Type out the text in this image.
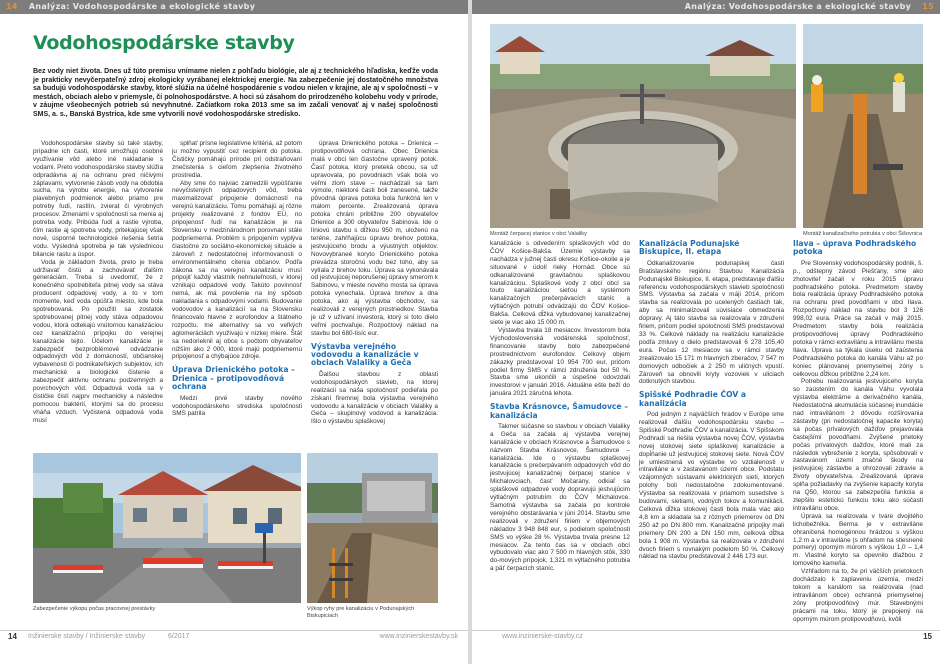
14 Analýza: Vodohospodárske a ekologické stavby
Vodohospodárske stavby

Bez vody niet života. Dnes už túto premisu vnímame nielen z pohľadu biológie, ale aj z technického hľadiska, keďže voda je prakticky nevyčerpateľný zdroj ekologicky vyrábanej elektrickej energie. Na zabezpečenie jej dostatočného množstva sa budujú vodohospodárske stavby, ktoré slúžia na účelné hospodárenie s vodou nielen v krajine, ale aj v spoločnosti – v mestách, obciach alebo v priemysle, či polnohospodárstve. A hoci sú zásahom do prirodzeného kolobehu vody v prírode, v záujme všeobecných potrieb sú nevyhnutné. Začiatkom roka 2013 sme sa im začali venovať aj v našej spoločnosti SMS, a. s., Banská Bystrica, kde sme vytvorili nové vodohospodárske stredisko.

Vodohospodárske stavby sú také stavby, prípadne ich časti, ktoré umožňujú osobné využívanie vôd alebo iné nakladanie s vodami. Preto vodohospodárske stavby slúžia odpradávna aj na ochranu pred ničivými záplavami, vytvorenie zásob vody na obdobia sucha, na výrobu energie, na vytvorenie plavebných podmienok alebo priamo pre potreby ľudí, rastlín, zvierat či výrobných procesov. Zmenami v spoločnosti sa menia aj potreba vody. Pribúda ľudí a rastie výroba, čím rastie aj spotreba vody, pritekajúcej však nové, úsporné technologické riešenia šetria vodu. Výsledná spotreba je tak výslednicou bilancie rastu a úspor.

Voda je základom života, preto je treba udržiavať čistú a zachovávať ďalším generáciám. Treba si uvedomiť, že z konečného spotrebiteľa pitnej vody sa stáva producent odpadovej vody, a to v tom momente, keď voda opúšťa miesto, kde bola spotrebovaná. Po použití sa zostatok spotrebovanej pitnej vody stáva odpadovou vodou, ktorá odtekajú vnútornou kanalizáciou cez kanalizačnú prípojku do verejnej kanalizácie tejto. Účelom kanalizácie je zabezpečiť bezproblémové odvádzanie odpadových vôd z domácností, občianskej vybavenosti či podnikateľských subjektov, ich mechanické a biologické čistenie a zabezpečiť aktívnu ochranu podzemných a povrchových vôd. Odpadová voda sa v čističke čistí najprv mechanicky a následne pomocou baktérií, ktorými sa do procesu vháňa vzduch. Vyčistená odpadová voda musí

spĺňať prísne legislatívne kritériá, až potom ju možno vypustiť cez recipient do potoka. Čističky pomáhajú prírode pri odstraňovaní znečistenia s cieľom zlepšenia životného prostredia.

Aby sme čo najviac zamedzili vypúšťanie nevyčistených odpadových vôd, treba maximalizovať pripojenie domácností na verejnú kanalizáciu. Tomu pomáhajú aj rôzne projekty realizované z fondov EÚ, no pripojenosť ľudí na kanalizácie je na Slovensku v medzinárodnom porovnaní stále podpriemerná. Problém s pripojením vyplýva čiastočne zo sociálno-ekonomickej situácie a zároveň z nedostatočnej informovanosti o environmentálneho cítenia občanov. Podľa zákona sa na verejnú kanalizáciu musí pripojiť každý vlastník nehnuteľnosti, v ktorej vznikajú odpadové vody. Takúto povinnosť nemá, ak má povolenie na iný spôsob nakladania s odpadovými vodami. Budovanie vodovodov a kanalizácií sa na Slovensku financovalo hlavne z eurofondov a štátneho rozpočtu. Iné alternatívy sa vo veľkých aglomeráciách využívajú v nízkej miere. Štát sa nedorieknil aj obce s počtom obyvateľov nižším ako 2 000, ktoré majú podpriemernú pripojenosť a chýbajúce zdroje.

Úprava Drienického potoka – Drienica – protipovodňová ochrana

Medzi prvé stavby nového vodohospodárskeho strediska spoločnosti SMS patrila

úprava Drienického potoka – Drienica – protipovodňová ochrana. Obec Drienica malá v obci len čiastočne upravený potok. Časť potoka, ktorý preteká obcou, sa už upravovala, po povodniach však bola vo veľmi zlom stave – nachádzali sa tam výmole, niektoré časti boli zanesené, takže pôvodná úprava potoka bola funkčná len v malom percente. Zrealizovaná úprava potoka chráni približne 200 obyvateľov Drienice a 300 obyvateľov Sabinova. Ide o líniovú stavbu s dĺžkou 950 m, uloženú na teréne, zahŕňajúcu úpravu brehov potoka, jestvujúceho brodu a výustných objektov. Novovybraneé koryto Drienického potoka prevádza storočnú vodu bez toho, aby sa vylíala z brehov toku. Úprava sa vykonávala od jestvujúcej neporušenej úpravy smerom k Sabinovu, v mieste nového mosta sa úprava potoka vynechala. Úprava brehov a dna potoka, ako aj výstavba obchodov, sa realizovali z verejných prostriedkov. Stavba je už v užívaní investora, ktorý si toto dielo veľmi pochvaľuje. Rozpočtový náklad na stavbu bol 680-tisíc eur.

Výstavba verejného vodovodu a kanalizácie v obciach Valaliky a Geča

Ďalšou stavbou z oblasti vodohospodárskych stavieb, na ktorej realizácii sa naša spoločnosť podieľala po získaní firemnej bola výstavba verejného vodovodu a kanalizácie v obciach Valaliky a Geča – skupinový vodovod a kanalizácia. Išlo o výstavbu splaškovej

Zabezpečenie výkopu počas pracovnej prestávky	Výkop ryhy pre kanalizáciu v Podunajských Biskupiciach
14 Inžinierske stavby / Inžinierske stavby	6/2017	www.inzinierskestavby.sk
Analýza: Vodohospodárske a ekologické stavby 15
Montáž čerpacej stanice v obci Valaliky	Montáž kanalizačného potrubia v obci Šišovnica

kanalizácie s odvedením splaškových vôd do ČOV Košice-Bakša. Územie výstavby sa nachádza v južnej časti okresu Košice-okolie a je situované v údolí rieky Hornád. Obce sú odkanalizované gravitačnou splaškovou kanalizáciou. Splaškové vody z obcí obcí sa touto kanalizáciou sieťou a systémom kanalizačných prečerpávacích staníc a výtlačných potrubí odvádzajú do ČOV Košice-Bakša. Celková dĺžka vybudovanej kanalizačnej siete je viac ako 15 000 m.

Výstavba trvala 18 mesiacov. Investorom bola Východoslovenská vodárenská spoločnosť, financovanie stavby bolo zabezpečené prostredníctvom eurofondov. Celkový objem zákazky predstavoval 10 954 700 eur, pričom podiel firmy SMS v rámci združenia bol 50 %. Stavba sme ukončili a úspešne odovzdali investorovi v januári 2016. Aktuálne ešte beží do januára 2021 záručná lehota.

Stavba Krásnovce, Šamudovce – kanalizácia

Takmer súčasne so stavbou v obciach Valaliky a Geča sa začala aj výstavba verejnej kanalizácie v obciach Krásnovce a Šamudovce s názvom Stavba Krásnovce, Šamudovce – kanalizácia. Ide o výstavbu splaškovej kanalizácie s prečerpávaním odpadových vôd do jestvujúcej kanalizačnej čerpacej stanice v Michalovciach, časť Močarany, odkiaľ sa splaškové odpadové vody dopravujú jestvujúcim výtlačným potrubím do ČOV Michalovce. Samotná výstavba sa začala po kontrole verejného obstarávania v júni 2014. Stavbu sme realizovali v združení firiem v objemových nákladov 3 948 848 eur, s podielom spoločnosti SMS vo výške 28 %. Výstavba trvala presne 12 mesiacov. Za tento čas sa v obciach obcí vybudovalo viac ako 7 500 m hlavných stôk, 330 do-mových prípojok, 1,321 m výtlačného potrubia a päť čerpacích staníc.

Kanalizácia Podunajské Biskupice, II. etapa

Odkanalizovanie podunajskej časti Bratislavského regiónu Stavbou Kanalizácia Podunajské Biskupice, II. etapa, predstavuje ďalšiu referenciu vodohospodárskych stavieb spoločnosti SMS. Výstavba sa začala v máji 2014, pričom stavba sa realizovala po ucelených častiach tak, aby sa minimalizovali súvisiace obmedzenia dopravy. Aj táto stavba sa realizovala v združení firiem, pričom podiel spoločnosti SMS predstavoval 33 %. Celkové náklady na realizáciu kanalizácie podľa zmluvy o dielo predstavovali 6 278 105,40 eura. Počas 12 mesiacov sa v rámci stavby zrealizovalo 15 171 m hlavných zberačov, 7 547 m domových odbočiek a 2 250 m uličných vpustí. Zároveň sa obnovili kryty vozoviek v uliciach dotknutých stavbou.

Spišské Podhradie ČOV a kanalizácia

Pod jedným z najväčších hradov v Európe sme realizovali ďalšiu vodohospodársku stavbu – Spišské Podhradie ČOV a kanalizácia. V Spišskom Podhradí sa riešila výstavba novej ČOV, výstavba novej stokovej siete splaškovej kanalizácie a dopĺňanie už jestvujúcej stokovej siete. Nová ČOV je umiestnená vo výstavbe vo vzdialenosti v intraviláne a v zastavanom území obce. Podstatu vzájomných sústavami elektrických sietí, ktorých polohy boli nedostatočne zdokumentované. Výstavba sa realizovala v priamom susedstve s budovami, sietiami, vodných tokov a komunikácii. Celková dĺžka stokovej časti bola mala viac ako 4,8 km a skladala sa z rôznych priemerov od DN 250 až po DN 800 mm. Kanalizačné prípojky mali priemery DN 200 a DN 150 mm, celková dĺžka bola 1 908 m. Výstavba sa realizovala v združení dvoch firiem s rovnakým podielom 50 %. Celkový náklad na stavbu predstavoval 2 446 173 eur.

Ilava – úprava Podhradského potoka

Pre Slovenský vodohospodársky podnik, š. p., odštepný závod Piešťany, sme ako zhotoviteľ začali v roku 2015 úpravu podhradského potoka. Predmetom stavby bola realizácia úpravy Podhradského potoka na ochranu pred povodňami v obci Ilava. Rozpočtový náklad na stavbu bol 3 126 998,02 eura. Práce sa začali v máji 2015. Predmetom stavby bola realizácia protipovodňovej úpravy Podhradského potoka v rámci extravilánu a intravilánu mesta Ilava. Úprava sa týkala úseku od zaústenia Podhradského potoka do kanála Váhu až po koniec plánovanej priemyselnej zóny s celkovou dĺžkou približne 2,24 km.

Potrebu realizovania jestvujúceho koryta so zaústením do kanála Váhu vyvolala výstavba elektrárne a derivačného kanála. Nedostatočná akumulácia súčasnej inundácie nad intravilánom z dôvodu rozšírovania zástavby (pri nedostatočnej kapacite koryta) sa počas prívalových dažďov prejavovala častejšími povodňami. Zvýšené prietoky počas prívalových dažďov, ktoré mali za následok vybreženie z koryta, spôsobovali v zastavanom území značné škody na jestvujúcej zástavbe a ohrozovali zdravie a životy obyvateľstva. Zrealizovaná úprava splňa požiadavky na zvýšenie kapacity koryta na Q50, ktorou sa zabezpečila funkcia a zlepšilo estetickú funkciu toku ako súčasti intravilánu obce.

Úprava sa realizovala v tvare dvojitého lichobežníka. Berma je v extraviláne ohraničená homogénnou hrádzou s výškou 1,2 m a v intraviláne (s ohľadom na stiesnené pomery) oporným múrom s výškou 1,0 – 1,4 m. Vlastné koryto sa opevnilo dlažbou z lomového kameňa.

Vzhľadom na to, že pri väčších prietokoch dochádzalo k zaplaveniu územia, medzi tokom a kanálom sa realizovala (nad intravilánom obce) ochranná priemyselnej zóny protipovodňový múr. Stavebnými prácami na toku, ktorý je prepojený na oporným múrom protipovodňovú, kvôli

www.inzinierske-stavby.cz	15
